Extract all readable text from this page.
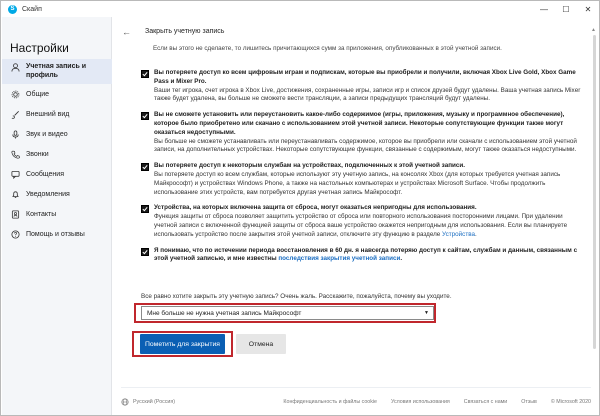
S	Скайп	—	☐	✕
Настройки
Учетная запись и
профиль
Общие
Внешний вид
Звук и видео
Звонки
Сообщения
Уведомления
Контакты
Помощь и отзывы
← Закрыть учетную запись
Если вы этого не сделаете, то лишитесь причитающихся сумм за приложения, опубликованных в этой учетной записи.
▲
Вы потеряете доступ ко всем цифровым играм и подпискам, которые вы приобрели и получили, включая Xbox Live Gold, Xbox Game Pass и Mixer Pro.
Ваши тег игрока, счет игрока в Xbox Live, достижения, сохраненные игры, записи игр и список друзей будут удалены. Ваша учетная запись Mixer также будет удалена, вы больше не сможете вести трансляции, а записи предыдущих трансляций будут удалены.
Вы не сможете установить или переустановить какое-либо содержимое (игры, приложения, музыку и программное обеспечение), которое было приобретено или скачано с использованием этой учетной записи. Некоторые сопутствующие функции также могут оказаться недоступными.
Вы больше не сможете устанавливать или переустанавливать содержимое, которое вы приобрели или скачали с использованием этой учетной записи, на дополнительных устройствах. Некоторые сопутствующие функции, связанные с содержимым, могут также оказаться недоступными.
Вы потеряете доступ к некоторым службам на устройствах, подключенных к этой учетной записи.
Вы потеряете доступ ко всем службам, которые используют эту учетную запись, на консолях Xbox (для которых требуется учетная запись Майкрософт) и устройствах Windows Phone, а также на настольных компьютерах и устройствах Microsoft Surface. Чтобы продолжить использование этих устройств, вам потребуется другая учетная запись Майкрософт.
Устройства, на которых включена защита от сброса, могут оказаться непригодны для использования.
Функция защиты от сброса позволяет защитить устройство от сброса или повторного использования посторонними лицами. При удалении учетной записи с включенной функцией защиты от сброса ваше устройство окажется непригодным для использования. Если вы планируете использовать устройство после закрытия этой учетной записи, отключите эту функцию в разделе Устройства.
Я понимаю, что по истечении периода восстановления в 60 дн. я навсегда потеряю доступ к сайтам, службам и данным, связанным с этой учетной записью, и мне известны последствия закрытия учетной записи.
Все равно хотите закрыть эту учетную запись? Очень жаль. Расскажите, пожалуйста, почему вы уходите.
Мне больше не нужна учетная запись Майкрософт	▼
Пометить для закрытия	Отмена
Русский (Россия)	Конфиденциальность и файлы cookie	Условия использования	Связаться с нами	Отзыв	© Microsoft 2020
